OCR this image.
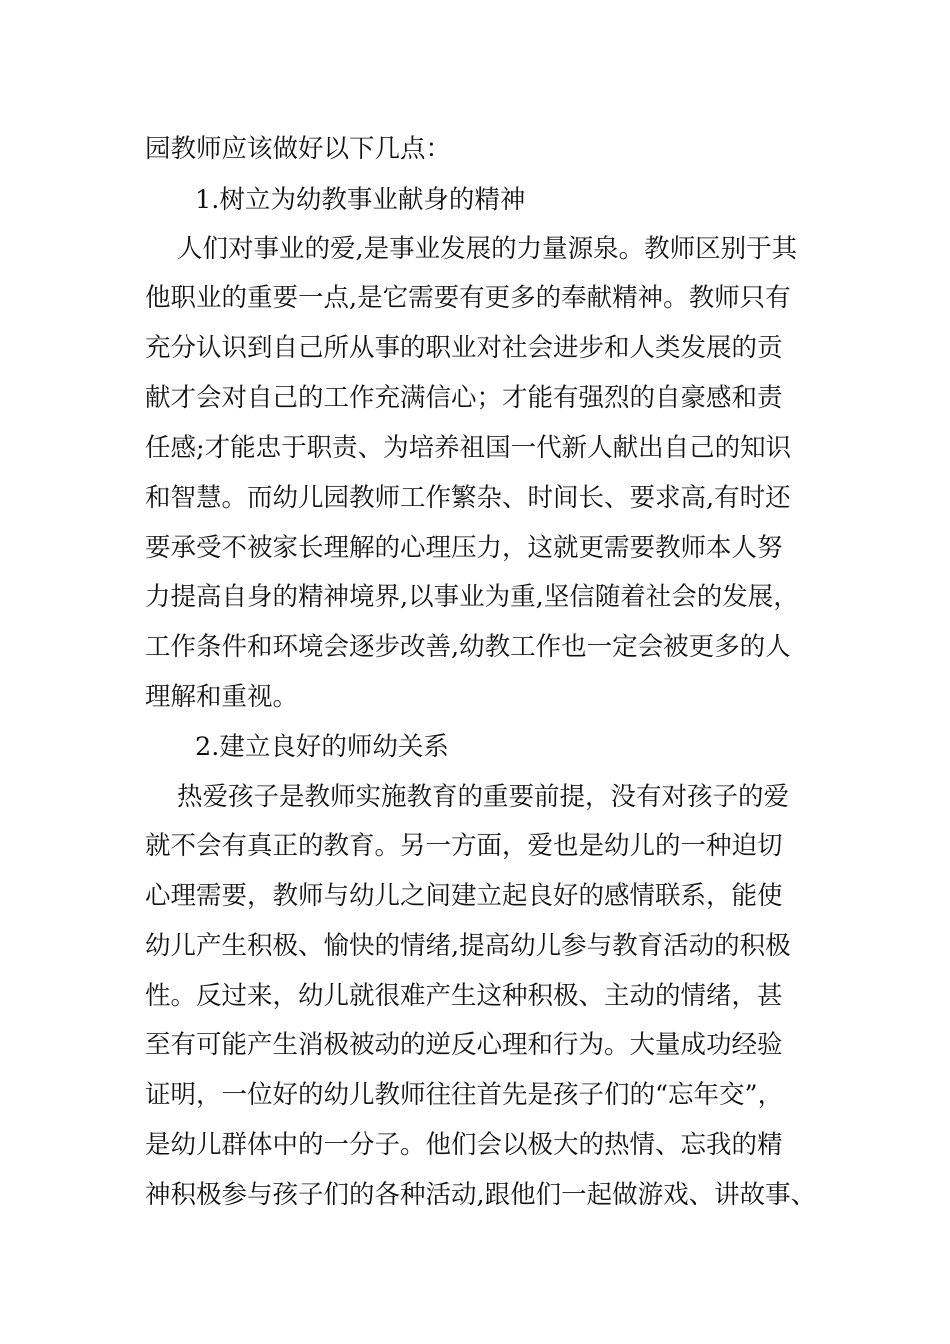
园教师应该做好以下几点：
1.树立为幼教事业献身的精神
人们对事业的爱,是事业发展的力量源泉。教师区别于其
他职业的重要一点,是它需要有更多的奉献精神。教师只有
充分认识到自己所从事的职业对社会进步和人类发展的贡
献才会对自己的工作充满信心；才能有强烈的自豪感和责
任感;才能忠于职责、为培养祖国一代新人献出自己的知识
和智慧。而幼儿园教师工作繁杂、时间长、要求高,有时还
要承受不被家长理解的心理压力，这就更需要教师本人努
力提高自身的精神境界,以事业为重,坚信随着社会的发展，
工作条件和环境会逐步改善,幼教工作也一定会被更多的人
理解和重视。
2.建立良好的师幼关系
热爱孩子是教师实施教育的重要前提，没有对孩子的爱
就不会有真正的教育。另一方面，爱也是幼儿的一种迫切
心理需要，教师与幼儿之间建立起良好的感情联系，能使
幼儿产生积极、愉快的情绪,提高幼儿参与教育活动的积极
性。反过来，幼儿就很难产生这种积极、主动的情绪，甚
至有可能产生消极被动的逆反心理和行为。大量成功经验
证明，一位好的幼儿教师往往首先是孩子们的“忘年交”，
是幼儿群体中的一分子。他们会以极大的热情、忘我的精
神积极参与孩子们的各种活动,跟他们一起做游戏、讲故事、
